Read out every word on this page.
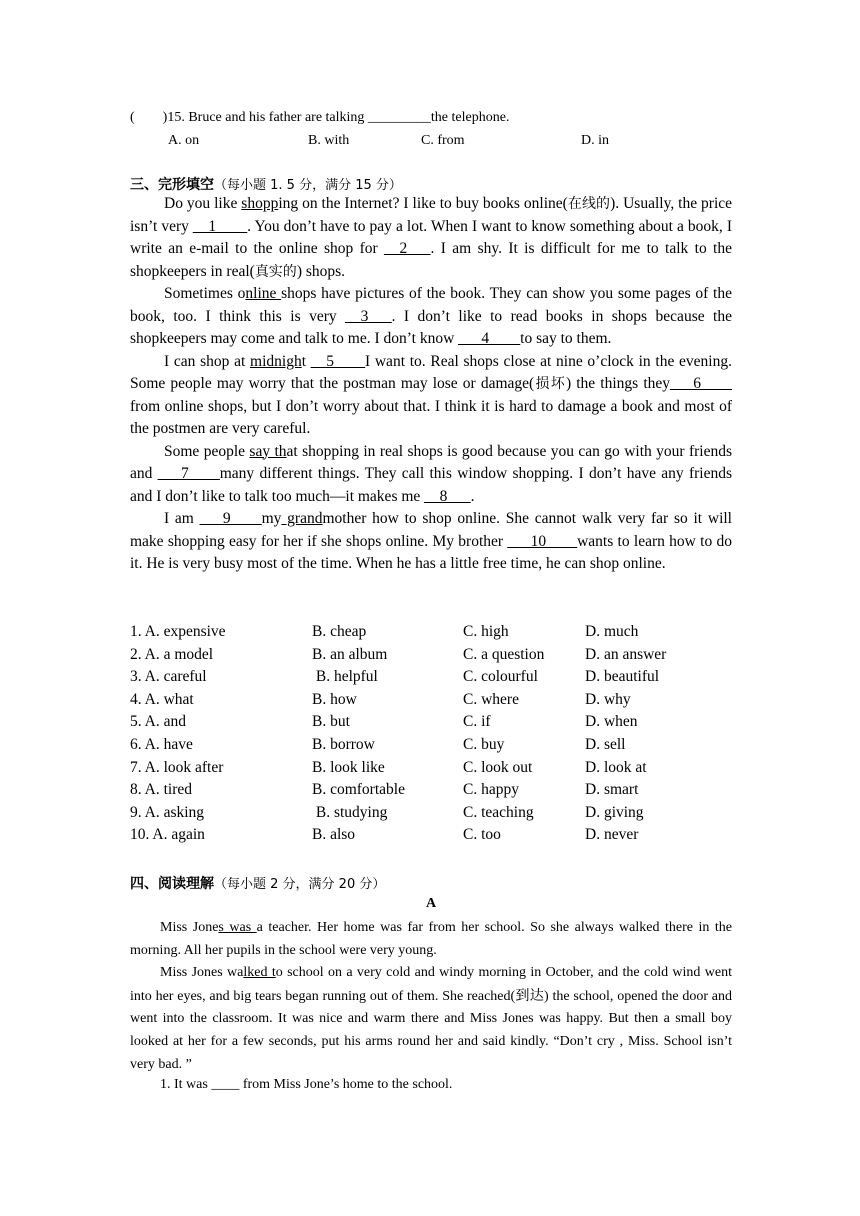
(        )15. Bruce and his father are talking _________the telephone.
A. on	B. with	C. from	D. in
三、完形填空（每小题 1. 5 分，满分 15 分）

Do you like shopping on the Internet? I like to buy books online(在线的). Usually, the price isn’t very __1____. You don’t have to pay a lot. When I want to know something about a book, I write an e-mail to the online shop for __2___. I am shy. It is difficult for me to talk to the shopkeepers in real(真实的) shops.

Sometimes online shops have pictures of the book. They can show you some pages of the book, too. I think this is very __3___. I don’t like to read books in shops because the shopkeepers may come and talk to me. I don’t know ___4____to say to them.

I can shop at midnight __5____I want to. Real shops close at nine o’clock in the evening. Some people may worry that the postman may lose or damage(损坏) the things they___6____ from online shops, but I don’t worry about that. I think it is hard to damage a book and most of the postmen are very careful.

Some people say that shopping in real shops is good because you can go with your friends and ___7____many different things. They call this window shopping. I don’t have any friends and I don’t like to talk too much—it makes me __8___.

I am ___9____my grandmother how to shop online. She cannot walk very far so it will make shopping easy for her if she shops online. My brother ___10____wants to learn how to do it. He is very busy most of the time. When he has a little free time, he can shop online.

1. A. expensive	B. cheap	C. high	D. much
2. A. a model	B. an album	C. a question	D. an answer
3. A. careful	B. helpful	C. colourful	D. beautiful
4. A. what	B. how	C. where	D. why
5. A. and	B. but	C. if	D. when
6. A. have	B. borrow	C. buy	D. sell
7. A. look after	B. look like	C. look out	D. look at
8. A. tired	B. comfortable	C. happy	D. smart
9. A. asking	B. studying	C. teaching	D. giving
10. A. again	B. also	C. too	D. never
四、阅读理解（每小题 2 分，满分 20 分）
A

Miss Jones was a teacher. Her home was far from her school. So she always walked there in the morning. All her pupils in the school were very young.

Miss Jones walked to school on a very cold and windy morning in October, and the cold wind went into her eyes, and big tears began running out of them. She reached(到达) the school, opened the door and went into the classroom. It was nice and warm there and Miss Jones was happy. But then a small boy looked at her for a few seconds, put his arms round her and said kindly. “Don’t cry , Miss. School isn’t very bad. ”

1. It was ____ from Miss Jone’s home to the school.
